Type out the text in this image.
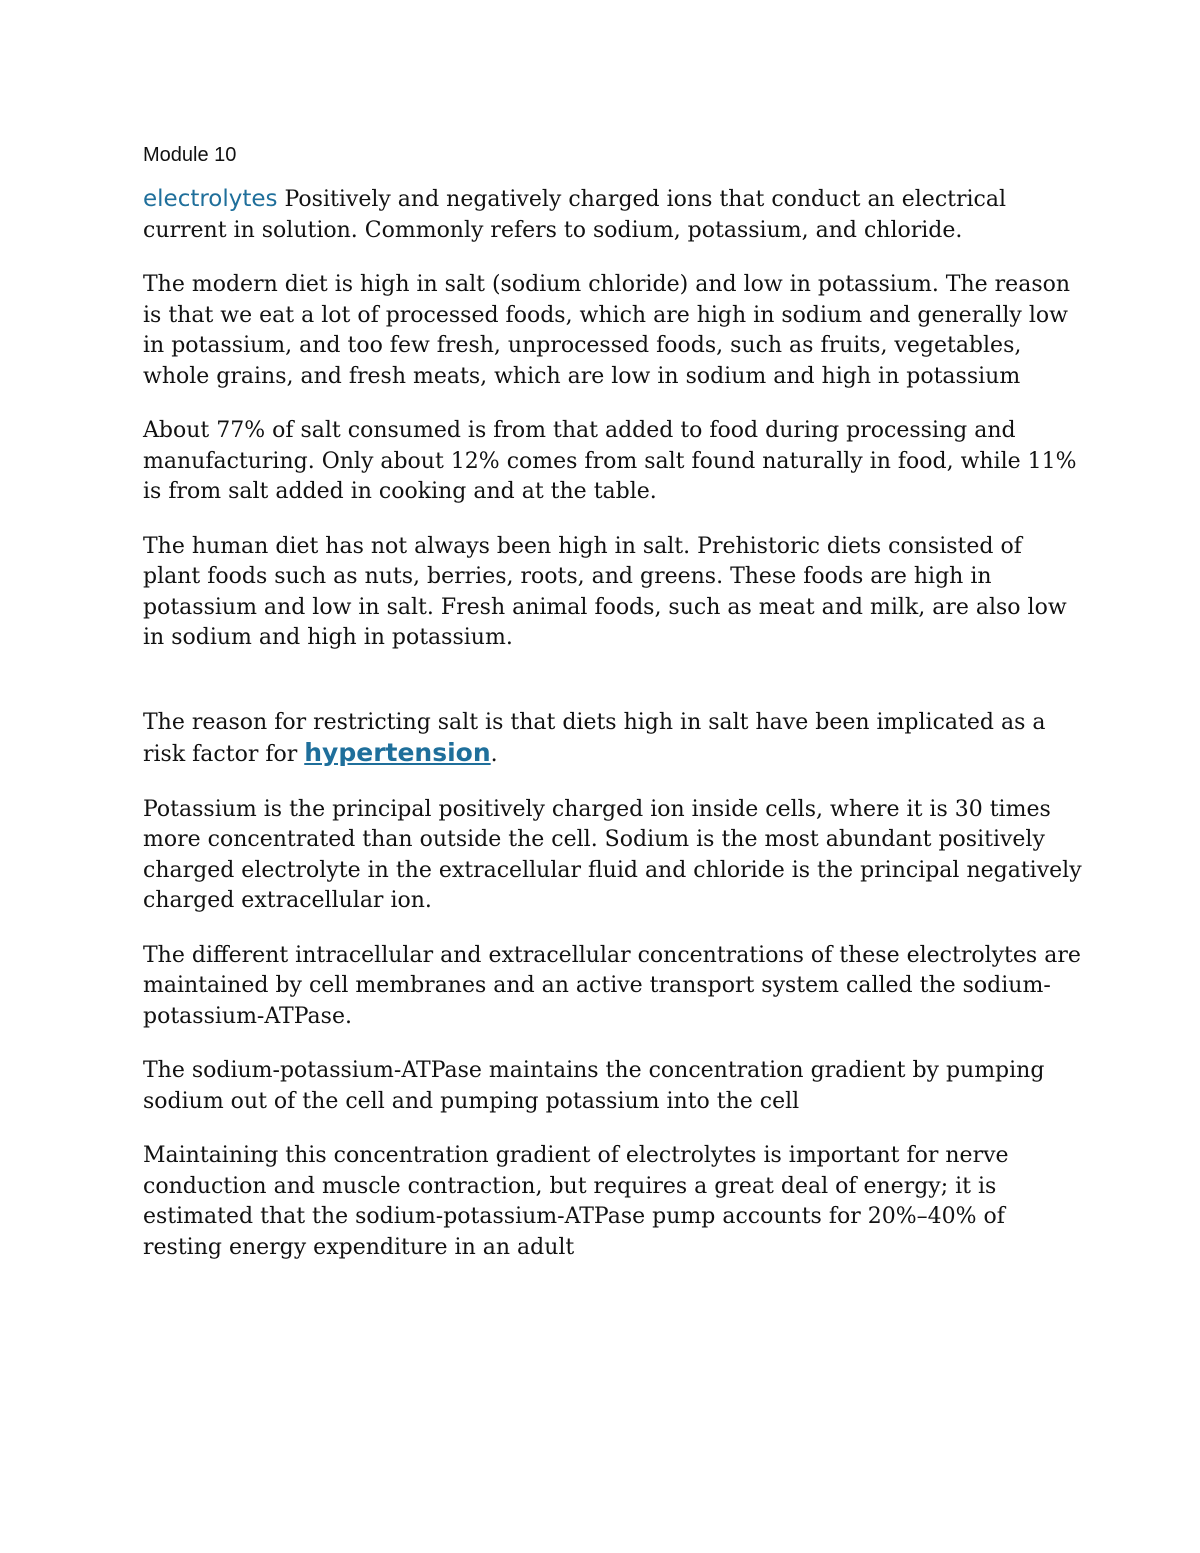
Module 10

electrolytes Positively and negatively charged ions that conduct an electrical current in solution. Commonly refers to sodium, potassium, and chloride.

The modern diet is high in salt (sodium chloride) and low in potassium. The reason is that we eat a lot of processed foods, which are high in sodium and generally low in potassium, and too few fresh, unprocessed foods, such as fruits, vegetables, whole grains, and fresh meats, which are low in sodium and high in potassium

About 77% of salt consumed is from that added to food during processing and manufacturing. Only about 12% comes from salt found naturally in food, while 11% is from salt added in cooking and at the table.

The human diet has not always been high in salt. Prehistoric diets consisted of plant foods such as nuts, berries, roots, and greens. These foods are high in potassium and low in salt. Fresh animal foods, such as meat and milk, are also low in sodium and high in potassium.

The reason for restricting salt is that diets high in salt have been implicated as a risk factor for hypertension.

Potassium is the principal positively charged ion inside cells, where it is 30 times more concentrated than outside the cell. Sodium is the most abundant positively charged electrolyte in the extracellular fluid and chloride is the principal negatively charged extracellular ion.

The different intracellular and extracellular concentrations of these electrolytes are maintained by cell membranes and an active transport system called the sodium-potassium-ATPase.

The sodium-potassium-ATPase maintains the concentration gradient by pumping sodium out of the cell and pumping potassium into the cell

Maintaining this concentration gradient of electrolytes is important for nerve conduction and muscle contraction, but requires a great deal of energy; it is estimated that the sodium-potassium-ATPase pump accounts for 20%–40% of resting energy expenditure in an adult
